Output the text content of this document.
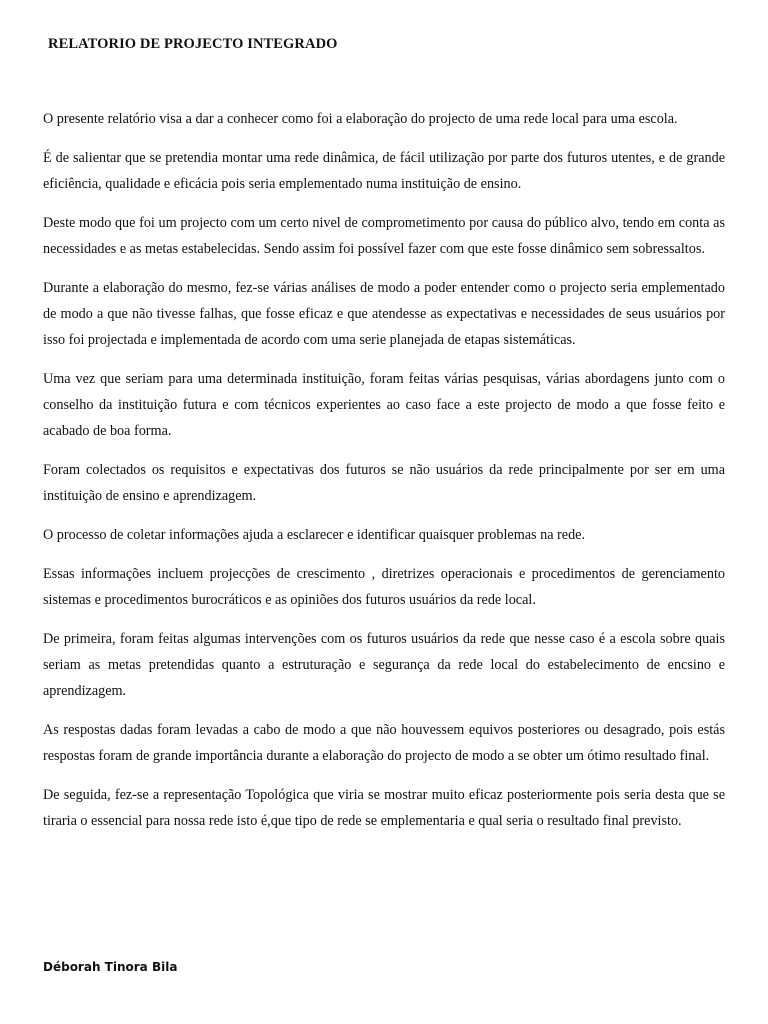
RELATORIO DE PROJECTO INTEGRADO

O presente relatório visa a dar a conhecer como foi a elaboração do projecto de uma rede local para uma escola.

É de salientar que se pretendia montar uma rede dinâmica, de fácil utilização por parte dos futuros utentes, e de grande eficiência, qualidade e eficácia pois seria emplementado numa instituição de ensino.

Deste modo que foi um projecto com um certo nivel de comprometimento por causa do público alvo, tendo em conta as necessidades e as metas estabelecidas. Sendo assim foi possível fazer com que este fosse dinâmico sem sobressaltos.

Durante a elaboração do mesmo, fez-se várias análises de modo a poder entender como o projecto seria emplementado de modo a que não tivesse falhas, que fosse eficaz e que atendesse as expectativas e necessidades de seus usuários por isso foi projectada e implementada de acordo com uma serie planejada de etapas sistemáticas.

Uma vez que seriam para uma determinada instituição, foram feitas várias pesquisas, várias abordagens junto com o conselho da instituição futura e com técnicos experientes ao caso face a este projecto de modo a que fosse feito e acabado de boa forma.

Foram colectados os requisitos e expectativas dos futuros se não usuários da rede principalmente por ser em uma instituição de ensino e aprendizagem.

O processo de coletar informações ajuda a esclarecer e identificar quaisquer problemas na rede.

Essas informações incluem projecções de crescimento , diretrizes operacionais e procedimentos de gerenciamento sistemas e procedimentos burocráticos e as opiniões dos futuros usuários da rede local.

De primeira, foram feitas algumas intervenções com os futuros usuários da rede que nesse caso é a escola sobre quais seriam as metas pretendidas quanto a estruturação e segurança da rede local do estabelecimento de encsino e aprendizagem.

As respostas dadas foram levadas a cabo de modo a que não houvessem equivos posteriores ou desagrado, pois estás respostas foram de grande importância durante a elaboração do projecto de modo a se obter um ótimo resultado final.

De seguida, fez-se a representação Topológica que viria se mostrar muito eficaz posteriormente pois seria desta que se tiraria o essencial para nossa rede isto é,que tipo de rede se emplementaria e qual seria o resultado final previsto.

Déborah Tinora Bila
